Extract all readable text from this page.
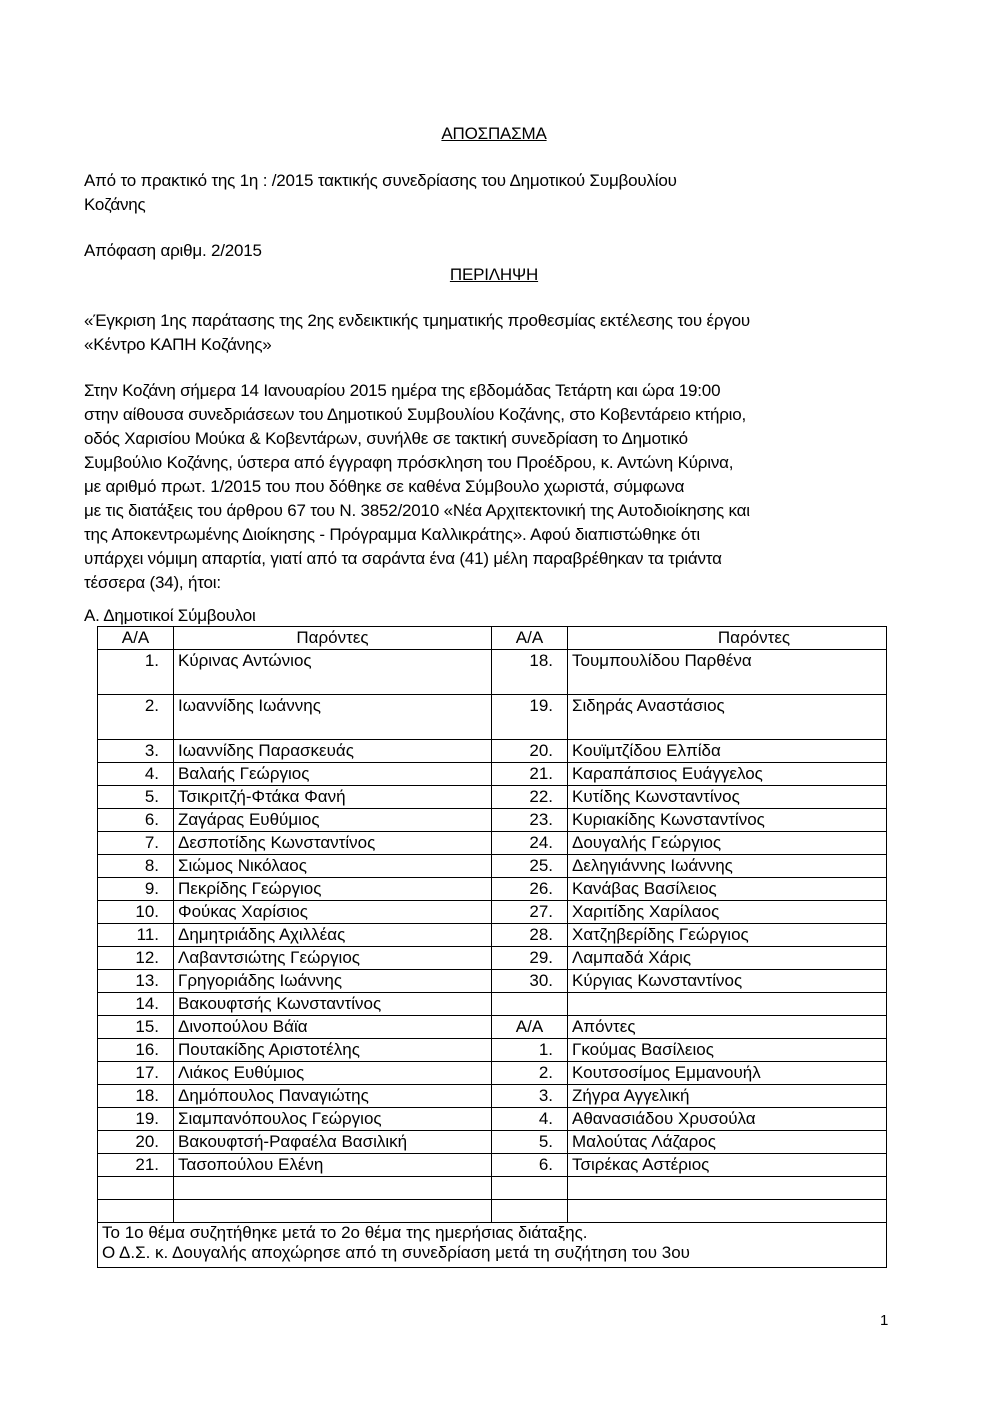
ΑΠΟΣΠΑΣΜΑ
Από το πρακτικό της 1η : /2015 τακτικής συνεδρίασης του Δημοτικού Συμβουλίου
Κοζάνης
Απόφαση αριθμ. 2/2015
ΠΕΡΙΛΗΨΗ
«Έγκριση 1ης παράτασης της 2ης ενδεικτικής τμηματικής προθεσμίας εκτέλεσης του έργου
«Κέντρο ΚΑΠΗ Κοζάνης»
Στην Κοζάνη σήμερα 14 Ιανουαρίου 2015 ημέρα της εβδομάδας Τετάρτη και ώρα 19:00
στην αίθουσα συνεδριάσεων του Δημοτικού Συμβουλίου Κοζάνης, στο Κοβεντάρειο κτήριο,
οδός Χαρισίου Μούκα & Κοβεντάρων, συνήλθε σε τακτική συνεδρίαση το Δημοτικό
Συμβούλιο Κοζάνης, ύστερα από έγγραφη πρόσκληση του Προέδρου, κ. Αντώνη Κύρινα,
με αριθμό πρωτ. 1/2015 του που δόθηκε σε καθένα Σύμβουλο χωριστά, σύμφωνα
με τις διατάξεις του άρθρου 67 του Ν. 3852/2010 «Νέα Αρχιτεκτονική της Αυτοδιοίκησης και
της Αποκεντρωμένης Διοίκησης - Πρόγραμμα Καλλικράτης». Αφού διαπιστώθηκε ότι
υπάρχει νόμιμη απαρτία, γιατί από τα σαράντα ένα (41) μέλη παραβρέθηκαν τα τριάντα
τέσσερα (34), ήτοι:
Α. Δημοτικοί Σύμβουλοι
Α/Α	Παρόντες	Α/Α	Παρόντες
1.	Κύρινας Αντώνιος	18.	Τουμπουλίδου Παρθένα
2.	Ιωαννίδης Ιωάννης	19.	Σιδηράς Αναστάσιος
3.	Ιωαννίδης Παρασκευάς	20.	Κουϊμτζίδου Ελπίδα
4.	Βαλαής Γεώργιος	21.	Καραπάπσιος Ευάγγελος
5.	Τσικριτζή-Φτάκα Φανή	22.	Κυτίδης Κωνσταντίνος
6.	Ζαγάρας Ευθύμιος	23.	Κυριακίδης Κωνσταντίνος
7.	Δεσποτίδης Κωνσταντίνος	24.	Δουγαλής Γεώργιος
8.	Σιώμος Νικόλαος	25.	Δεληγιάννης Ιωάννης
9.	Πεκρίδης Γεώργιος	26.	Κανάβας Βασίλειος
10.	Φούκας Χαρίσιος	27.	Χαριτίδης Χαρίλαος
11.	Δημητριάδης Αχιλλέας	28.	Χατζηβερίδης Γεώργιος
12.	Λαβαντσιώτης Γεώργιος	29.	Λαμπαδά Χάρις
13.	Γρηγοριάδης Ιωάννης	30.	Κύργιας Κωνσταντίνος
14.	Βακουφτσής Κωνσταντίνος		
15.	Δινοπούλου Βάϊα	Α/Α	Απόντες
16.	Πουτακίδης Αριστοτέλης	1.	Γκούμας Βασίλειος
17.	Λιάκος Ευθύμιος	2.	Κουτσοσίμος Εμμανουήλ
18.	Δημόπουλος Παναγιώτης	3.	Ζήγρα Αγγελική
19.	Σιαμπανόπουλος Γεώργιος	4.	Αθανασιάδου Χρυσούλα
20.	Βακουφτσή-Ραφαέλα Βασιλική	5.	Μαλούτας Λάζαρος
21.	Τασοπούλου Ελένη	6.	Τσιρέκας Αστέριος

Το 1ο θέμα συζητήθηκε μετά το 2ο θέμα της ημερήσιας διάταξης.
Ο Δ.Σ. κ. Δουγαλής αποχώρησε από τη συνεδρίαση μετά τη συζήτηση του 3ου			
1
